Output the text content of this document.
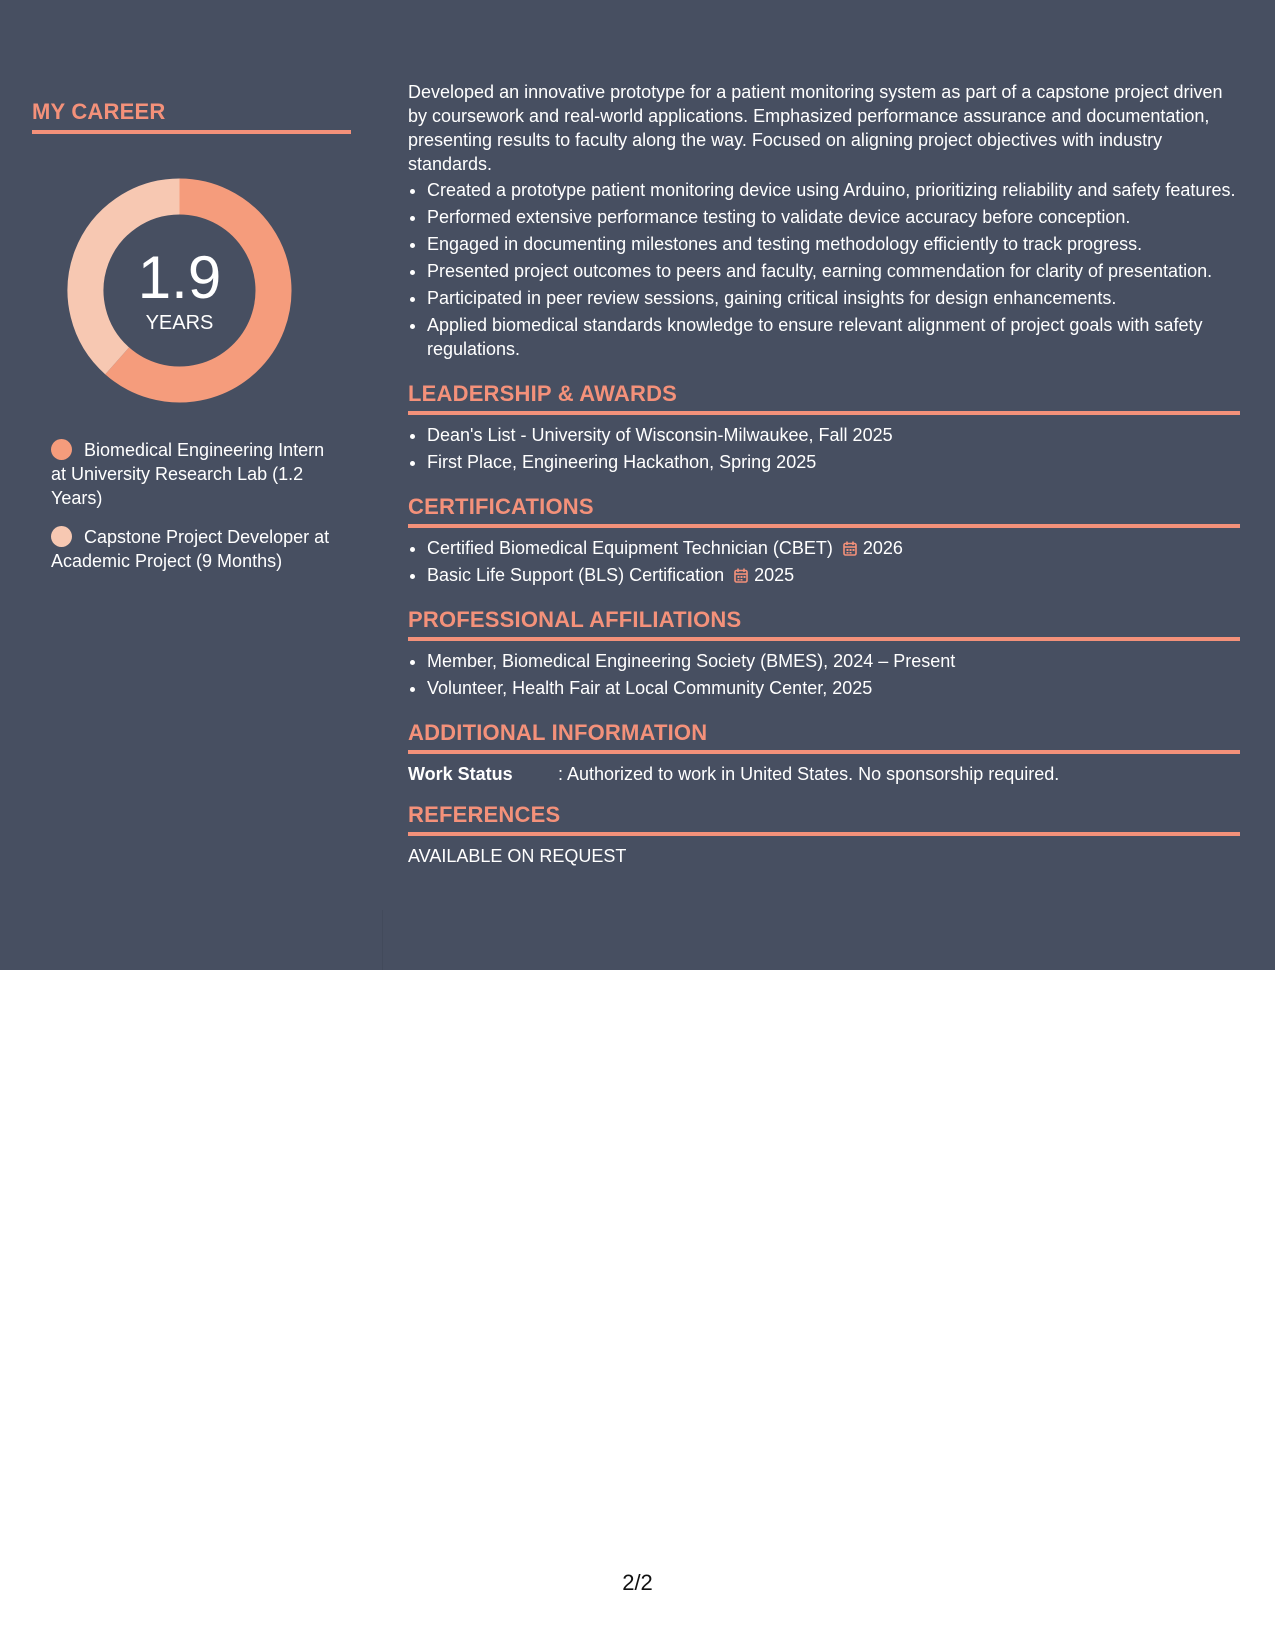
MY CAREER
1.9
YEARS
Biomedical Engineering Intern at University Research Lab (1.2 Years)
Capstone Project Developer at Academic Project (9 Months)

Developed an innovative prototype for a patient monitoring system as part of a capstone project driven by coursework and real-world applications. Emphasized performance assurance and documentation, presenting results to faculty along the way. Focused on aligning project objectives with industry standards.

• Created a prototype patient monitoring device using Arduino, prioritizing reliability and safety features.
• Performed extensive performance testing to validate device accuracy before conception.
• Engaged in documenting milestones and testing methodology efficiently to track progress.
• Presented project outcomes to peers and faculty, earning commendation for clarity of presentation.
• Participated in peer review sessions, gaining critical insights for design enhancements.
• Applied biomedical standards knowledge to ensure relevant alignment of project goals with safety regulations.
LEADERSHIP & AWARDS
• Dean's List - University of Wisconsin-Milwaukee, Fall 2025
• First Place, Engineering Hackathon, Spring 2025
CERTIFICATIONS
• Certified Biomedical Equipment Technician (CBET) 2026
• Basic Life Support (BLS) Certification 2025
PROFESSIONAL AFFILIATIONS
• Member, Biomedical Engineering Society (BMES), 2024 – Present
• Volunteer, Health Fair at Local Community Center, 2025
ADDITIONAL INFORMATION
Work Status	: Authorized to work in United States. No sponsorship required.
REFERENCES
AVAILABLE ON REQUEST
2/2
